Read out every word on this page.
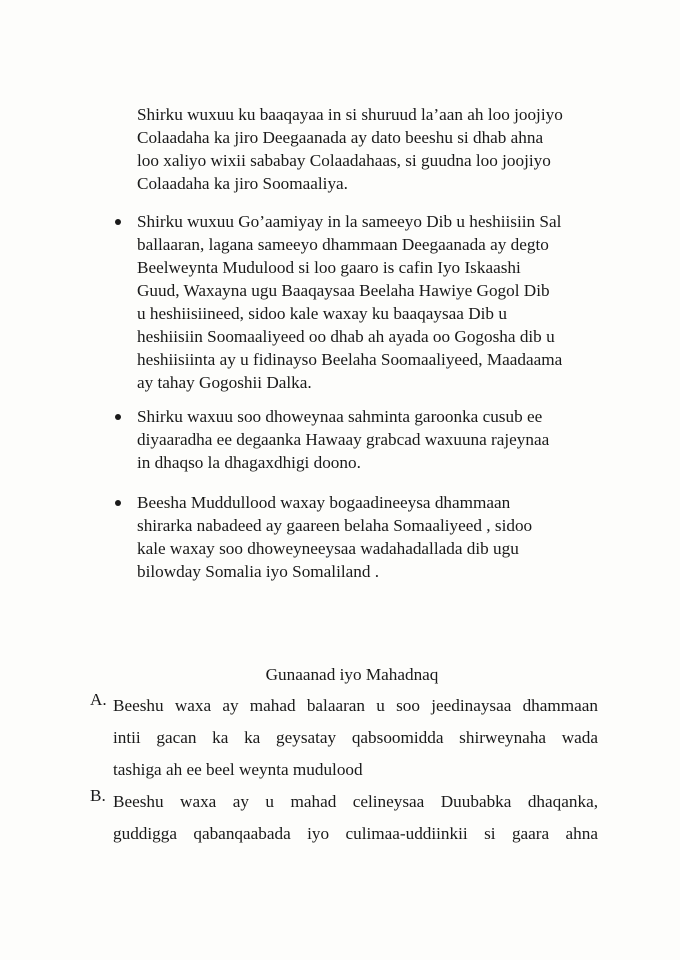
Shirku wuxuu ku baaqayaa in si shuruud la’aan ah loo joojiyo
Colaadaha ka jiro Deegaanada ay dato beeshu si dhab ahna
loo xaliyo wixii sababay Colaadahaas, si guudna loo joojiyo
Colaadaha ka jiro Soomaaliya.
Shirku wuxuu Go’aamiyay in la sameeyo Dib u heshiisiin Sal
ballaaran, lagana sameeyo dhammaan Deegaanada ay degto
Beelweynta Mudulood si loo gaaro is cafin Iyo Iskaashi
Guud, Waxayna ugu Baaqaysaa Beelaha Hawiye Gogol Dib
u heshiisiineed, sidoo kale waxay ku baaqaysaa Dib u
heshiisiin Soomaaliyeed oo dhab ah ayada oo Gogosha dib u
heshiisiinta ay u fidinayso Beelaha Soomaaliyeed, Maadaama
ay tahay Gogoshii Dalka.
Shirku waxuu soo dhoweynaa sahminta garoonka cusub ee
diyaaradha ee degaanka Hawaay grabcad waxuuna rajeynaa
in dhaqso la dhagaxdhigi doono.
Beesha Muddullood waxay bogaadineeysa dhammaan
shirarka nabadeed ay gaareen belaha Somaaliyeed , sidoo
kale waxay soo dhoweyneeysaa wadahadallada dib ugu
bilowday Somalia iyo Somaliland .
Gunaanad iyo Mahadnaq
A. Beeshu waxa ay mahad balaaran u soo jeedinaysaa dhammaan
intii gacan ka ka geysatay qabsoomidda shirweynaha wada
tashiga ah ee beel weynta mudulood
B. Beeshu waxa ay u mahad celineysaa Duubabka dhaqanka,
guddigga qabanqaabada iyo culimaa-uddiinkii si gaara ahna
